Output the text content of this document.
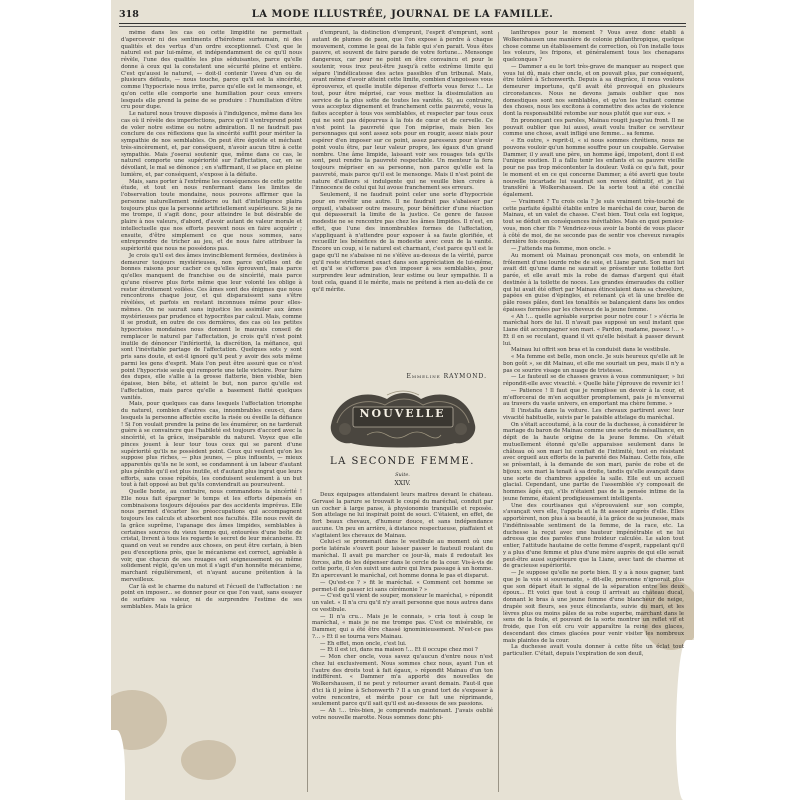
318	LA MODE ILLUSTRÉE, JOURNAL DE LA FAMILLE.

même dans les cas où cette limpidité ne permettait d'apercevoir ni des sentiments d'héroïsme surhumain, ni des qualités et des vertus d'un ordre exceptionnel. C'est que le naturel est par lui-même, et indépendamment de ce qu'il nous révèle, l'une des qualités les plus séduisantes, parce qu'elle donne à ceux qui la constatent une sécurité pleine et entière. C'est qu'aussi le naturel, — doit-il contenir l'aveu d'un ou de plusieurs défauts, — nous touche, parce qu'il est la sincérité, comme l'hypocrisie nous irrite, parce qu'elle est le mensonge, et qu'on cette elle comporte une humiliation pour ceux envers lesquels elle prend la peine de se produire : l'humiliation d'être cru pour dupe.

Le naturel nous trouve disposés à l'indulgence, même dans les cas où il révèle des imperfections, parce qu'il n'entreprend point de voler notre estime ou notre admiration. Il ne faudrait pas conclure de ces réflexions que la sincérité suffit pour mériter la sympathie de nos semblables. On peut être égoïste et méchant très-sincèrement, et, par conséquent, n'avoir aucun titre à cette sympathie. Mais j'oserai soutenir que, même dans ce cas, le naturel comporte une supériorité sur l'affectation, car, en se dévoilant, le mal se dénonce ; en s'affirmant, il se place en pleine lumière, et, par conséquent, s'expose à la défaite.

Mais, sans porter à l'extrême les conséquences de cette petite étude, et tout en nous renfermant dans les limites de l'observation toute mondaine, nous pouvons affirmer que la personne naturellement médiocre ou fait d'intelligence plaira toujours plus que la personne artificiellement supérieure. Si je ne me trompe, il s'agit donc, pour atteindre le but désirable de plaire à nos valeurs, d'abord, d'avoir autant de valeur morale et intellectuelle que nos efforts peuvent nous en faire acquérir ; ensuite, d'être simplement ce que nous sommes, sans entreprendre de tricher au jeu, et de nous faire attribuer la supériorité que nous ne possédons pas.

Je crois qu'il est des âmes invinciblement fermées, destinées à demeurer toujours mystérieuses, non parce qu'elles ont de bonnes raisons pour cacher ce qu'elles éprouvent, mais parce qu'elles manquent de franchise ou de sincérité, mais parce qu'une réserve plus forte même que leur volonté les oblige à rester étroitement voilées. Ces âmes sont des énigmes que nous rencontrons chaque jour, et qui disparaissent sans s'être révélées, et parfois en restant inconnues même pour elles-mêmes. On ne saurait sans injustice les assimiler aux âmes mystérieuses par prudence et hypocrites par calcul. Mais, comme il se produit, en outre de ces dernières, des cas où les petites hypocrisies mondaines nous donnent le mauvais conseil de remplacer le naturel par l'affectation, je crois qu'il n'est point inutile de dénoncer l'infériorité, la discrétion, la méfiance, qui sont l'inévitable partage de l'affectation. Quelques sots y sont pris sans doute, et est-il ignoré qu'il peut y avoir des sots même parmi les gens d'esprit. Mais l'on peut être assuré que ce n'est point l'hypocrisie seule qui remporte une telle victoire. Pour faire des dupes, elle s'allie à la grosse flatterie, bien visible, bien épaisse, bien bête, et atteint le but, non parce qu'elle est l'affectation, mais parce qu'elle a basement flatté quelques vanités.

Mais, pour quelques cas dans lesquels l'affectation triomphe du naturel, combien d'autres cas, innombrables ceux-ci, dans lesquels la personne affectée excite la risée ou éveille la défiance ! Si l'on voulait prendre la peine de les énumérer, on ne tarderait guère à se convaincre que l'habileté est toujours d'accord avec la sincérité, et la grâce, inséparable du naturel. Voyez que elle pinces jouent à leur tour tous ceux qui se parent d'une supériorité qu'ils ne possèdent point. Ceux qui veulent qu'on les suppose plus riches, — plus jeunes, — plus influents, — mieux apparentés qu'ils ne le sont, se condamnent à un labeur d'autant plus pénible qu'il est plus inutile, et d'autant plus ingrat que leurs efforts, sans cesse répétés, les conduisent seulement à un but tout à fait opposé au but qu'ils conviendrait au poursuivent.

Quelle honte, au contraire, nous commandons la sincérité ! Elle nous fait épargner le temps et les efforts dépensés en combinaisons toujours déjouées par des accidents imprévus. Elle nous permet d'écarter les préoccupations qui accompagnent toujours les calculs et absorbent nos facultés. Elle nous revêt de la grâce suprême, l'apanage des âmes limpides, semblables à certaines sources du vieux temps qui, entourées d'une boîte de cristal, livrent à tous les regards le secret de leur mécanisme. Et quand on veut se rendre aux choses, on peut être certain, à bien peu d'exceptions près, que le mécanisme est correct, agréable à voir, que chacun de ses rouages est soigneusement ou même solidement réglé, qu'en un mot il s'agit d'un honnête mécanisme, marchant régulièrement, et n'ayant aucune prétention à la merveilleux.

Car là est le charme du naturel et l'écueil de l'affectation : ne point en imposer... se donner pour ce que l'on vaut, sans essayer de surfaire sa valeur, ni de surprendre l'estime de ses semblables. Mais la grâce

d'emprunt, la distinction d'emprunt, l'esprit d'emprunt, sont autant de plumes de paon, que l'on expose à perdre à chaque mouvement, comme le geai de la fable qui s'en parait. Vous êtes pauvre, et souvent de faire parade de votre fortune... Mensonge dangereux, car pour ne point en être convaincu et pour le soutenir, vous irez peut-être jusqu'à cette extrême limite qui sépare l'indélicatesse des actes passibles d'un tribunal. Mais, avant même d'avoir atteint cette limite, combien d'angoisses vous éprouverez, et quelle inutile dépense d'efforts vous ferez !... Le tout, pour être méprisé, car vous mettez la dissimulation au service de la plus sotte de toutes les vanités. Si, au contraire, vous acceptez dignement et franchement cette pauvreté, vous la faites accepter à tous vos semblables, et respecter par tous ceux qui ne sont pas dépourvus à la fois de cœur et de cervelle. Ce n'est point la pauvreté que l'on méprise, mais bien les personnages qui sont assez sots pour en rougir, assez niais pour espérer d'en imposer sur ce point, assez paresseux pour n'avoir point voulu être, par leur valeur propre, les égaux d'un grand nombre. Une âme limpide, laissant voir ses rouages tels qu'ils sont, peut rendre la pauvreté respectable. Un menteur la fera toujours mépriser en sa personne, non parce qu'elle est la pauvreté, mais parce qu'il est le mensonge. Mais il n'est point de nature d'ailleurs si indulgente qui ne veuille bien croire à l'innocence de celui qui lui avoue franchement ses erreurs.

Seulement, il ne faudrait point celer une sorte d'hypocrisie pour en revêtir une autre. Il ne faudrait pas s'abaisser par orgueil, s'abaisser outre mesure, pour bénéficier d'une réaction qui dépasserait la limite de la justice. Ce genre de fausse modestie ne se rencontre pas chez les âmes limpides. Il n'est, en effet, que l'une des innombrables formes de l'affectation, s'appliquant à n'attendre pour exposer à sa faute glorifiée, et recueillir les bénéfices de la modestie avec ceux de la vanité. Encore un coup, si le naturel est charmant, c'est parce qu'il est le gage qu'il ne s'abaisse ni ne s'élève au-dessus de la vérité, parce qu'il reste strictement exact dans son appréciation de lui-même, et qu'il se s'efforce pas d'en imposer à ses semblables, pour surprendre leur admiration, leur estime ou leur sympathie. Il a tout cela, quand il le mérite, mais ne prétend à rien au-delà de ce qu'il mérite.

Emmeline RAYMOND.
NOUVELLE
LA SECONDE FEMME.
Suite.
XXIV.

Deux équipages attendaient leurs maîtres devant le château. Gervasé la parure se trouvait le coupé du maréchal, conduit par un cocher à large panse, à physionomie tranquille et reposée. Son attelage ne lui inspirait point de souci. C'étaient, en effet, de fort beaux chevaux, d'humeur douce, et sans indépendance aucune. Un peu en arrière, à distance respectueuse, piaffaient et s'agitaient les chevaux de Mainau.

Celui-ci se promenait dans le vestibule au moment où une porte latérale s'ouvrit pour laisser passer le fauteuil roulant du maréchal. Il avait pu marcher ce jour-là, mais il redoutait les forces, afin de les dépenser dans le cercle de la cour. Vis-à-vis de cette porte, il s'en suivit une autre qui livra passage à un homme. En apercevant le maréchal, cet homme donna le pas et disparut.

— Qu'est-ce ? » fit le maréchal. « Comment cet homme se permet-il de passer ici sans cérémonie ? »

— C'est qu'il vient de souper, monsieur le maréchal, » répondit un valet. « Il n'a cru qu'il n'y avait personne que nous autres dans ce vestibule.

— Il n'a cru... Mais je le connais, » cria tout à coup le maréchal, « mais je ne me trompe pas. C'est ce misérable, ce Dammer, qui a été être chassé ignominieusement. N'est-ce pas ?... » Et il se tourna vers Mainau.

— Eh effet, mon oncle, c'est lui.

— Et il est ici, dans ma maison !... Et il occupe chez moi ?

— Mon cher oncle, vous savez qu'aucun d'entre nous n'est chez lui exclusivement. Nous sommes chez nous, ayant l'un et l'autre des droits tout à fait égaux, » répondit Mainau d'un ton indifférent. « Dammer m'a apporté des nouvelles de Wolkershausen, il ne peut y retourner avant demain. Faut-il que d'ici là il jeûne à Schonwerth ? Il a un grand tort de s'exposer à votre rencontre, et mérite pour ce fait une réprimande, seulement parce qu'il sait qu'il est au-dessous de ses passions.

— Ah !... très-bien, je comprends maintenant. J'avais oublié votre nouvelle marotte. Nous sommes donc phi-

lanthropes pour le moment ? Vous avez donc établi à Wolkershausen une manière de colonie philanthropique, quelque chose comme un établissement de correction, où l'on installe tous les voleurs, les fripons, et généralement tous les chenapans quelconques ?

— Dammer a eu le tort très-grave de manquer au respect que vous lui dû, mais cher oncle, et on pouvait plus, par conséquent, être toléré à Schonwerth. Depuis à sa disgrâce, il nous voulons demeurer importuns, qu'il avait été provoqué en plusieurs circonstances. Nous ne devons jamais oublier que nos domestiques sont nos semblables, et qu'on les traitant comme des choses, nous les excitons à commettre des actes de violence dont la responsabilité retombe sur nous plutôt que sur eux. »

En prononçant ces paroles, Mainau rougit jusqu'au front. Il ne pouvait oublier que lui aussi, avait voulu traiter ce serviteur comme une chose, avait infligé une femme... sa femme.

« En outre, » reprit-il, « si nous sommes chrétiens, nous ne pouvons vouloir qu'un homme souffre pour un coupable. Gervaise Dammer, il y avait une père, un homme âgé, impotent, dont il est l'unique soutien. Il a fallu tenir les enfants et sa pauvre vieille pour ne pas trop mécontenter la douleur. Voilà ce qu'a fait, pour le moment et en ce qui concerne Dammer, a été averti que toute nouvelle incartade lui vaudrait son renvoi définitif, et je l'ai transféré à Wolkershausen. De la sorte tout a été concilié également.

— Vraiment ? Tu crois cela ? Je suis vraiment très-touché de cette parfaite égalité établie entre le maréchal de cour, baron de Mainau, et un valet de chasse. C'est bien. Tout cela est logique, tout se déduit en conséquences inévitables. Mais en quoi pensiez-vous, mon cher fils ? Vendriez-vous avoir la bonté de vous placer à côté de moi, de ne seconde pas de sentir vos cheveux ravagés dernière fois coupés.

— J'attends ma femme, mon oncle. »

Au moment où Mainau prononçait ces mots, on entendit le frôlement d'une lourde robe de soie, et Liane parut. Son mari lui avait dit qu'une dame ne saurait se présenter une toilette fort parée, et elle avait mis la robe de damas d'argent qui était destinée à la toilette de noces. Les grandes émeraudes du collier qui lui avait été offert par Mainau étincelaient dans sa chevelure, papées en guise d'épingles, et retenant çà et là une brefée de pâle roses pâles, dont les tonalités se balançaient dans les ondes épaisses formées par les cheveux de la jeune femme.

« Ah !... quelle agréable surprise pour notre cour ! » s'écria le maréchal hors de lui. Il n'avait pas supposé un seul instant que Liane dût accompagner son mari. « Pardon, madame, passez !... » Et il en se reculant, quand il vit qu'elle hésitait à passer devant lui.

Mainau lui offrit son bras et la conduisit dans le vestibule.

« Ma femme est belle, mon oncle. Je suis heureux qu'elle ait le bon goût », se dit Mainau, et elle me souriait un peu, mais il n'y a pas ce sourire visage un nuage de tristesse.

— Le fauteuil se de chasses graves à vous communiquer, » lui répondit-elle avec vivacité. « Quelle hâte j'éprouve de revenir ici !

— Patience ! Il faut que je remplisse un devoir à la cour, et m'efforcerai de m'en acquitter promptement, pais je m'enverrai au travers du vaste univers, en emportant ma chère femme. »

Il l'installa dans la voiture. Les chevaux partirent avec leur vivacité habituelle, suivis par le paisible attelage du maréchal.

On s'était accoutumé, à la cour de la duchesse, à considérer le mariage du baron de Mainau comme une sorte de mésalliance, en dépit de la haute origine de la jeune femme. On s'était mutuellement étonné qu'elle apparaisse seulement dans le château où son mari lui confiait de l'intimité, tout en résistant avec orgueil aux efforts de la parenté des Mainau. Cette fois, elle se présentait, à la demande de son mari, parée de robe et de bijoux; son mari la tenait à sa droite, tandis qu'elle avançait dans une sorte de chambres appelée la salle. Elle eut un accueil glacial. Cependant, une partie de l'assemblée s'y composait de hommes âgés qui, s'ils n'étaient pas de la pensée intime de la jeune femme, étaient prodigieusement intelligents.

Une des courtisanes qui s'éprouvaient sur son compte, s'avançait vers elle, l'appela et la fit asseoir auprès d'elle. Elles apportèrent, non plus à sa beauté, à la grâce de sa jeunesse, mais l'indéfinissable sentiment de la femme, de la race, etc. La duchesse la reçut avec une hauteur impénétrable et ne lui adressa que des paroles d'une froideur calculée. Le salon tout entier, l'attitude hautaine de cette femme d'esprit, rappelant qu'il y a plus d'une femme et plus d'une mère auprès de qui elle serait peut-être aussi supérieure que la Liane, avec tant de charme et de gracieuse supériorité.

— Je suppose qu'elle ne porte bien. Il y a à nous gagner, tant que je la vois si souvenante, » dit-elle, personne n'ignorait plus que son départ était le signal de la séparation entre les deux époux... Et voici que tout à coup il arrivait au château ducal, donnant le bras à une jeune femme d'une blancheur de neige, drapée soit fleurs, ses yeux étincelants, suivie du mari, et les lèvres plus ou moins pâles de sa robe superbe, marchant dans le sens de la foule, et pouvant de la sorte montrer un reflet vif et froide, que l'on eût cru voir apparaître la reine des glaces, descendant des cimes glacées pour venir visiter les nombreux mais plaintes de la cour.

La duchesse avait voulu donner à cette fête un éclat tout particulier. C'était, depuis l'expiration de son deuil,
